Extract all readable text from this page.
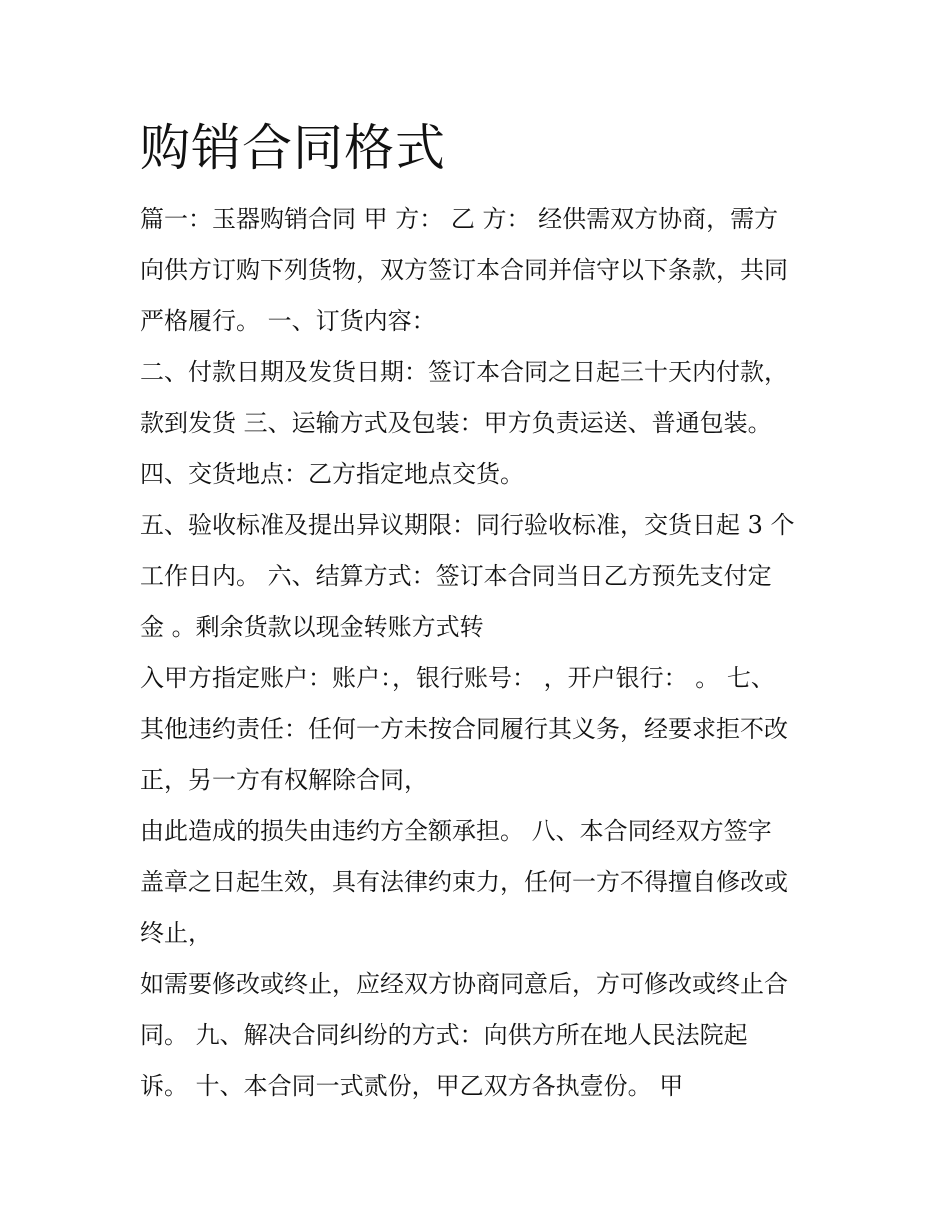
购销合同格式
篇一：玉器购销合同 甲 方： 乙 方： 经供需双方协商，需方
向供方订购下列货物，双方签订本合同并信守以下条款，共同
严格履行。 一、订货内容：
二、付款日期及发货日期：签订本合同之日起三十天内付款，
款到发货 三、运输方式及包装：甲方负责运送、普通包装。
四、交货地点：乙方指定地点交货。
五、验收标准及提出异议期限：同行验收标准，交货日起 3 个
工作日内。 六、结算方式：签订本合同当日乙方预先支付定
金 。剩余货款以现金转账方式转
入甲方指定账户：账户：，银行账号： ，开户银行： 。 七、
其他违约责任：任何一方未按合同履行其义务，经要求拒不改
正，另一方有权解除合同，
由此造成的损失由违约方全额承担。 八、本合同经双方签字
盖章之日起生效，具有法律约束力，任何一方不得擅自修改或
终止，
如需要修改或终止，应经双方协商同意后，方可修改或终止合
同。 九、解决合同纠纷的方式：向供方所在地人民法院起
诉。 十、本合同一式贰份，甲乙双方各执壹份。 甲
